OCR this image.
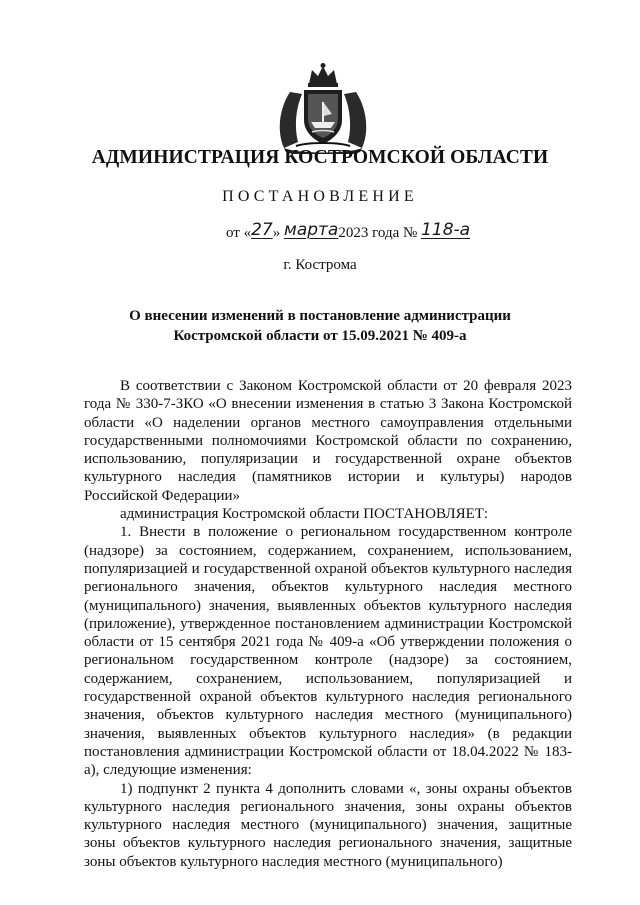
АДМИНИСТРАЦИЯ КОСТРОМСКОЙ ОБЛАСТИ
ПОСТАНОВЛЕНИЕ
от «27» марта2023 года № 118-а
г. Кострома
О внесении изменений в постановление администрации
Костромской области от 15.09.2021 № 409-а

В соответствии с Законом Костромской области от 20 февраля 2023 года № 330-7-ЗКО «О внесении изменения в статью 3 Закона Костромской области «О наделении органов местного самоуправления отдельными государственными полномочиями Костромской области по сохранению, использованию, популяризации и государственной охране объектов культурного наследия (памятников истории и культуры) народов Российской Федерации»

администрация Костромской области ПОСТАНОВЛЯЕТ:

1. Внести в положение о региональном государственном контроле (надзоре) за состоянием, содержанием, сохранением, использованием, популяризацией и государственной охраной объектов культурного наследия регионального значения, объектов культурного наследия местного (муниципального) значения, выявленных объектов культурного наследия (приложение), утвержденное постановлением администрации Костромской области от 15 сентября 2021 года № 409-а «Об утверждении положения о региональном государственном контроле (надзоре) за состоянием, содержанием, сохранением, использованием, популяризацией и государственной охраной объектов культурного наследия регионального значения, объектов культурного наследия местного (муниципального) значения, выявленных объектов культурного наследия» (в редакции постановления администрации Костромской области от 18.04.2022 № 183-а), следующие изменения:

1) подпункт 2 пункта 4 дополнить словами «, зоны охраны объектов культурного наследия регионального значения, зоны охраны объектов культурного наследия местного (муниципального) значения, защитные зоны объектов культурного наследия регионального значения, защитные зоны объектов культурного наследия местного (муниципального)
